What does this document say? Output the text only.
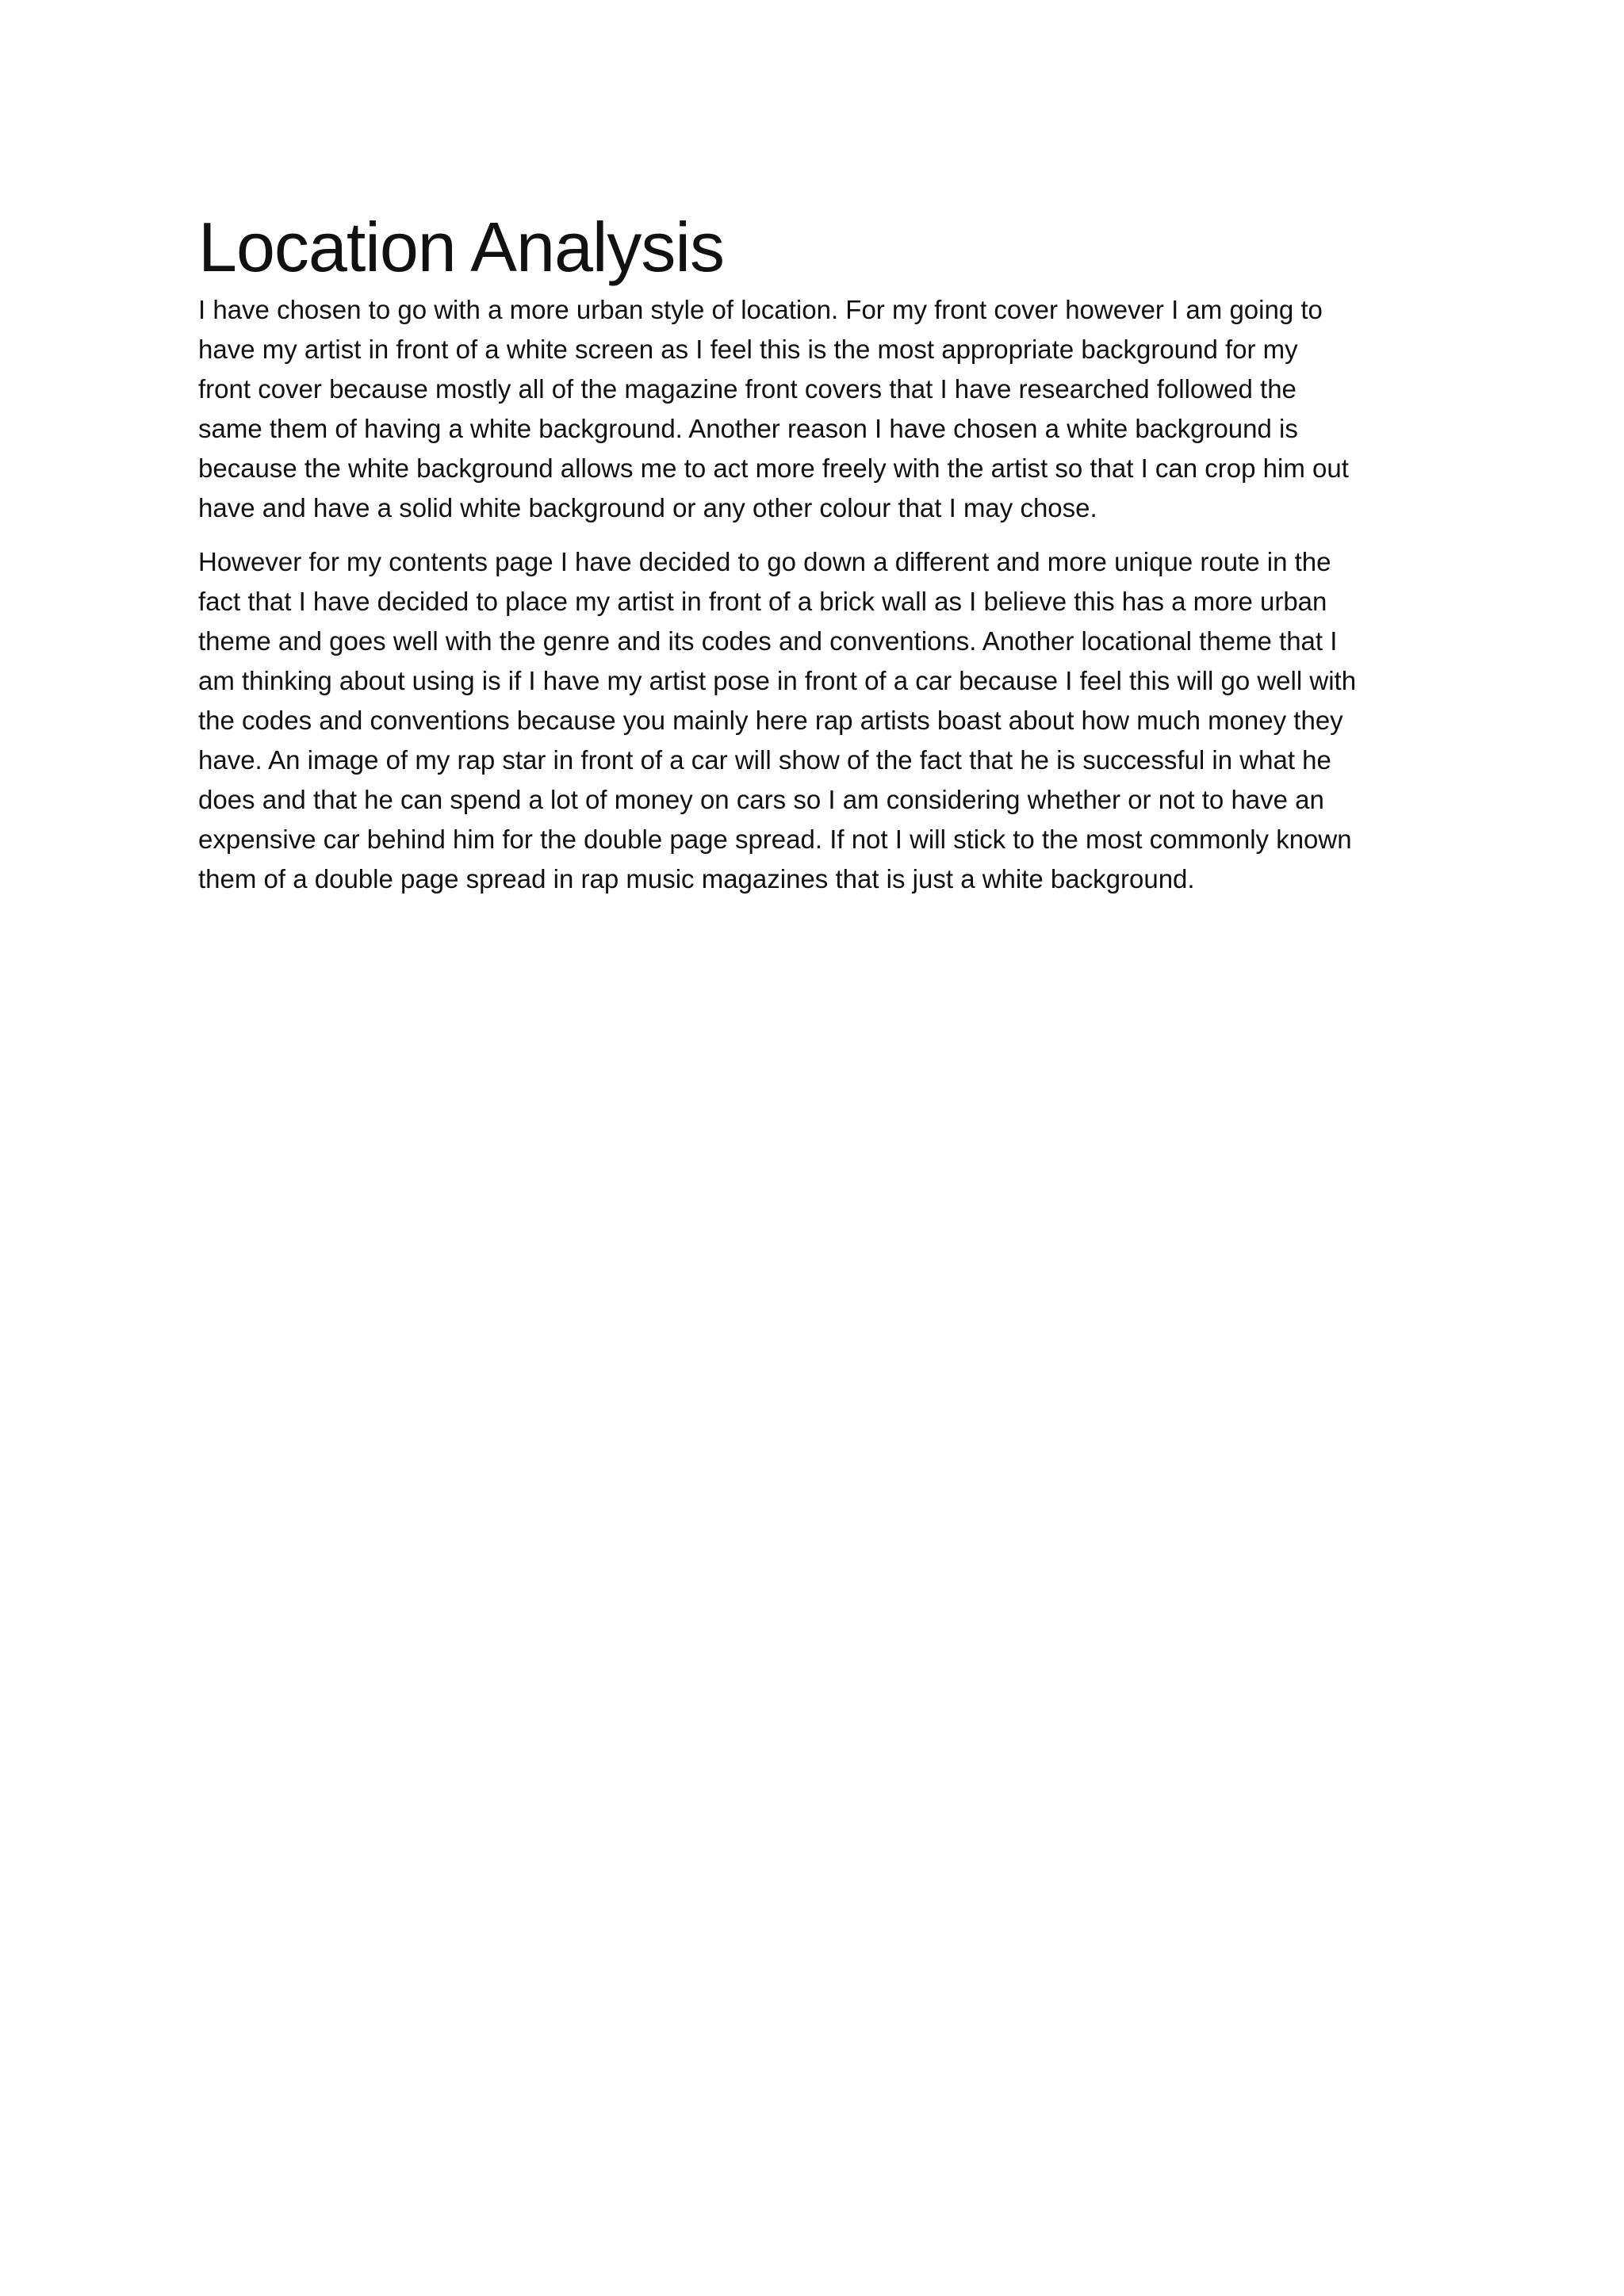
Location Analysis

I have chosen to go with a more urban style of location. For my front cover however I am going to
have my artist in front of a white screen as I feel this is the most appropriate background for my
front cover because mostly all of the magazine front covers that I have researched followed the
same them of having a white background. Another reason I have chosen a white background is
because the white background allows me to act more freely with the artist so that I can crop him out
have and have a solid white background or any other colour that I may chose.

However for my contents page I have decided to go down a different and more unique route in the
fact that I have decided to place my artist in front of a brick wall as I believe this has a more urban
theme and goes well with the genre and its codes and conventions. Another locational theme that I
am thinking about using is if I have my artist pose in front of a car because I feel this will go well with
the codes and conventions because you mainly here rap artists boast about how much money they
have. An image of my rap star in front of a car will show of the fact that he is successful in what he
does and that he can spend a lot of money on cars so I am considering whether or not to have an
expensive car behind him for the double page spread. If not I will stick to the most commonly known
them of a double page spread in rap music magazines that is just a white background.
